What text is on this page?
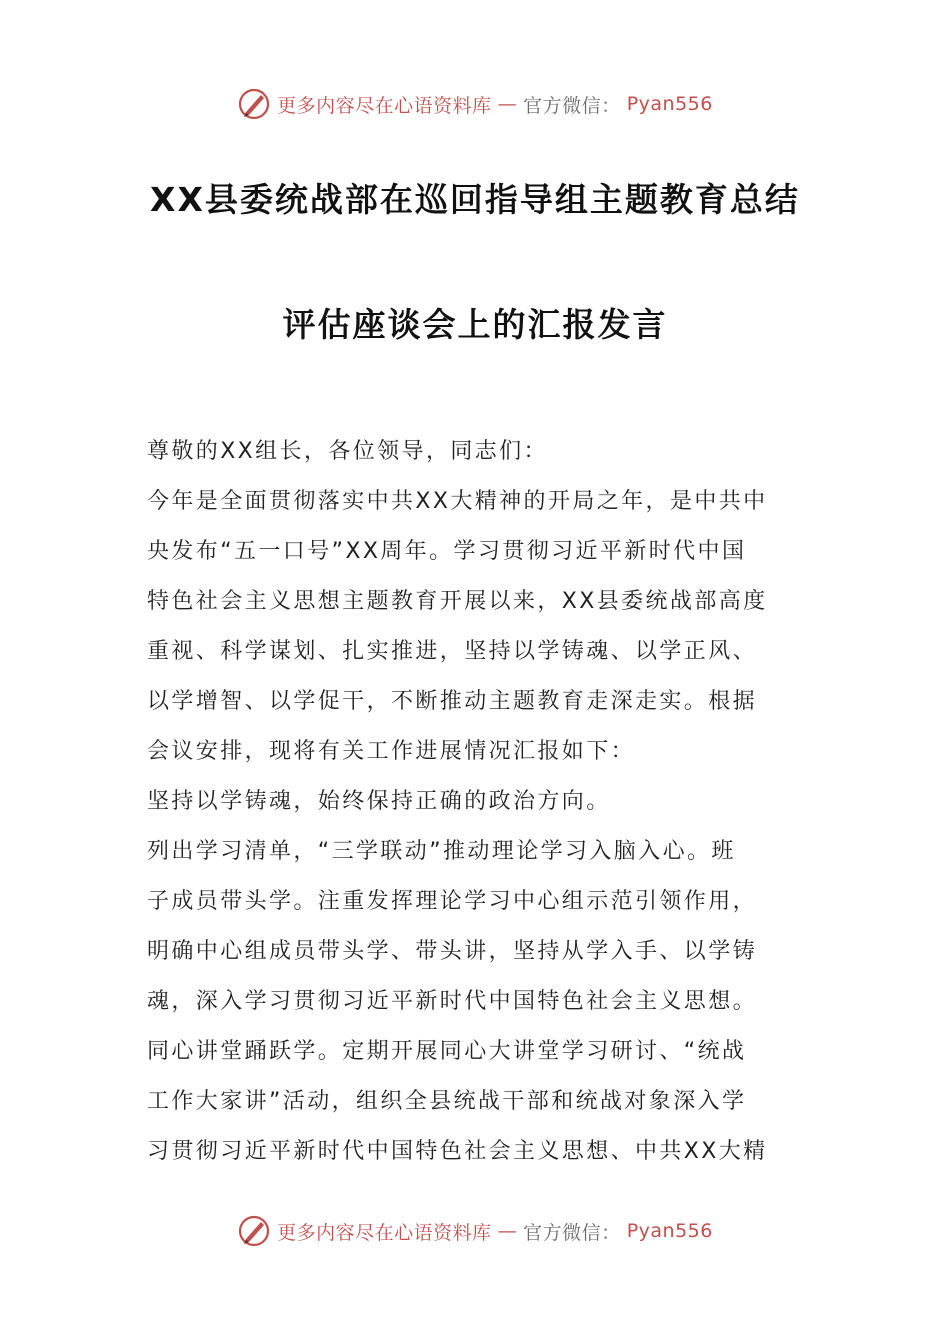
更多内容尽在心语资料库 — 官方微信： Pyan556
XX县委统战部在巡回指导组主题教育总结
评估座谈会上的汇报发言

尊敬的XX组长，各位领导，同志们：

今年是全面贯彻落实中共XX大精神的开局之年，是中共中

央发布“五一口号”XX周年。学习贯彻习近平新时代中国

特色社会主义思想主题教育开展以来，XX县委统战部高度

重视、科学谋划、扎实推进，坚持以学铸魂、以学正风、

以学增智、以学促干，不断推动主题教育走深走实。根据

会议安排，现将有关工作进展情况汇报如下：

坚持以学铸魂，始终保持正确的政治方向。

列出学习清单，“三学联动”推动理论学习入脑入心。班

子成员带头学。注重发挥理论学习中心组示范引领作用，

明确中心组成员带头学、带头讲，坚持从学入手、以学铸

魂，深入学习贯彻习近平新时代中国特色社会主义思想。

同心讲堂踊跃学。定期开展同心大讲堂学习研讨、“统战

工作大家讲”活动，组织全县统战干部和统战对象深入学

习贯彻习近平新时代中国特色社会主义思想、中共XX大精

更多内容尽在心语资料库 — 官方微信： Pyan556
